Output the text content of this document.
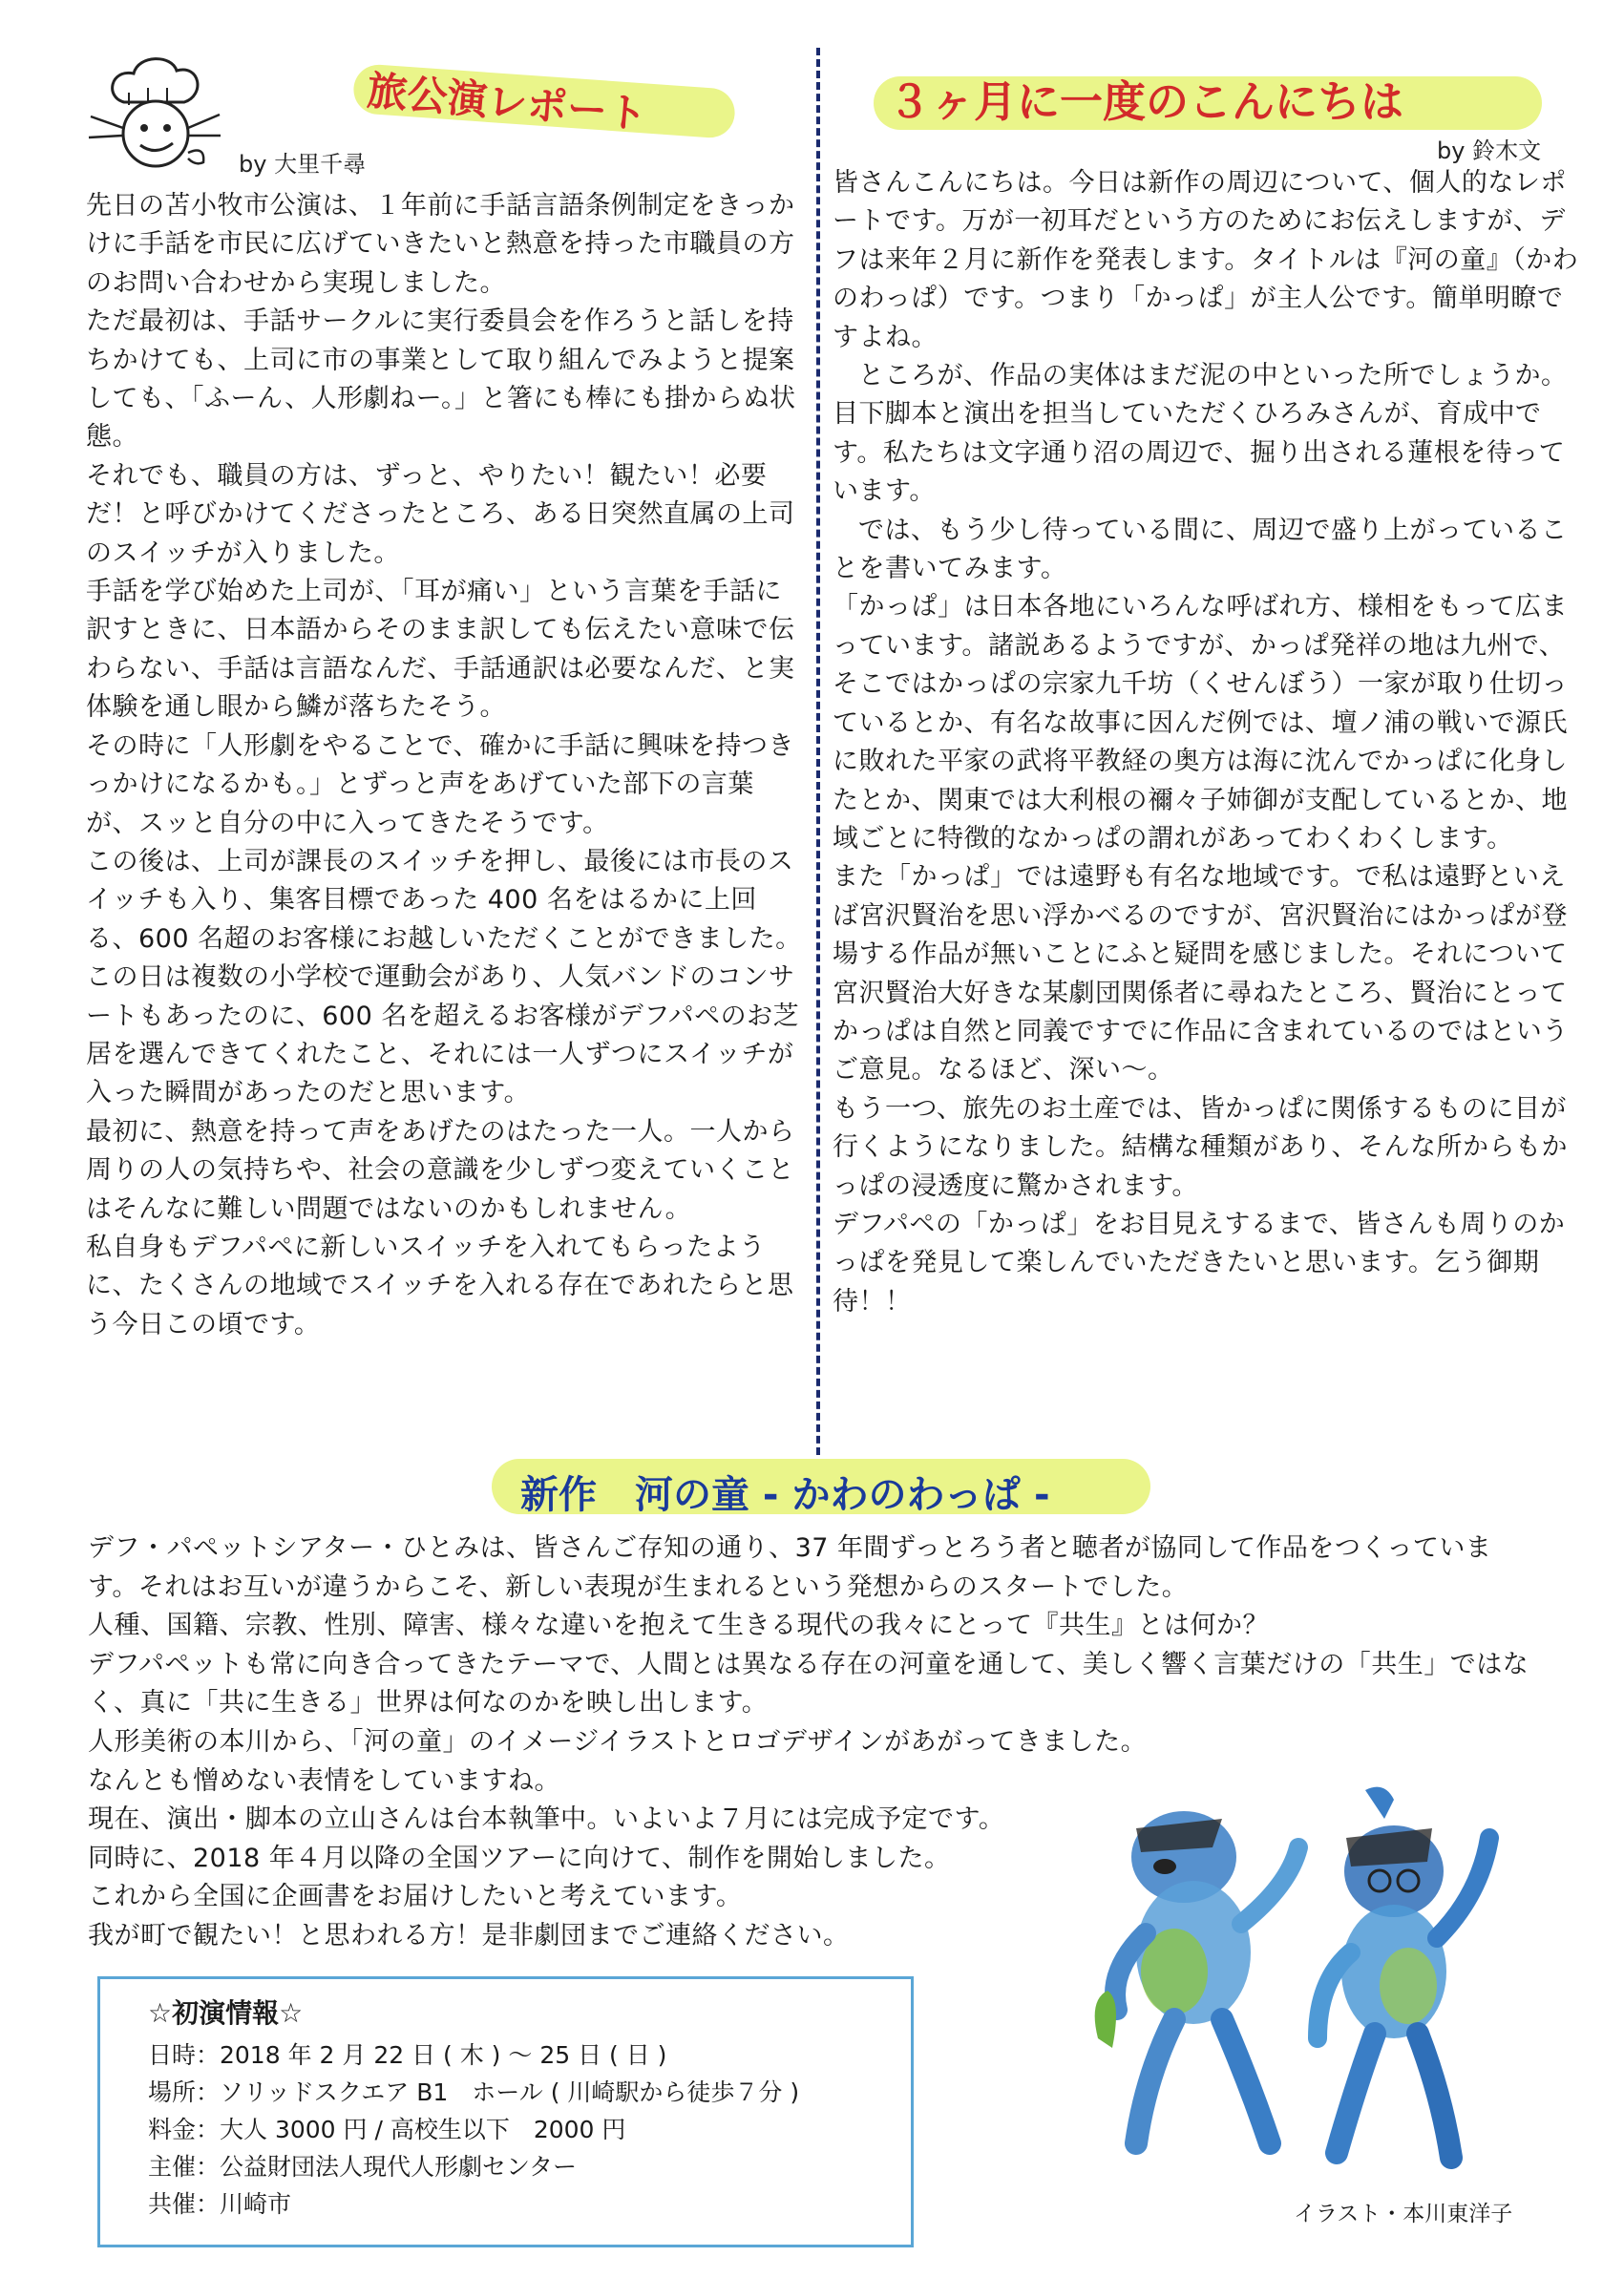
旅公演レポート
by 大里千尋

先日の苫小牧市公演は、１年前に手話言語条例制定をきっかけに手話を市民に広げていきたいと熱意を持った市職員の方のお問い合わせから実現しました。

ただ最初は、手話サークルに実行委員会を作ろうと話しを持ちかけても、上司に市の事業として取り組んでみようと提案しても、「ふーん、人形劇ねー。」と箸にも棒にも掛からぬ状態。

それでも、職員の方は、ずっと、やりたい！観たい！必要だ！と呼びかけてくださったところ、ある日突然直属の上司のスイッチが入りました。

手話を学び始めた上司が、「耳が痛い」という言葉を手話に訳すときに、日本語からそのまま訳しても伝えたい意味で伝わらない、手話は言語なんだ、手話通訳は必要なんだ、と実体験を通し眼から鱗が落ちたそう。

その時に「人形劇をやることで、確かに手話に興味を持つきっかけになるかも。」とずっと声をあげていた部下の言葉が、スッと自分の中に入ってきたそうです。

この後は、上司が課長のスイッチを押し、最後には市長のスイッチも入り、集客目標であった 400 名をはるかに上回る、600 名超のお客様にお越しいただくことができました。この日は複数の小学校で運動会があり、人気バンドのコンサートもあったのに、600 名を超えるお客様がデフパペのお芝居を選んできてくれたこと、それには一人ずつにスイッチが入った瞬間があったのだと思います。

最初に、熱意を持って声をあげたのはたった一人。一人から周りの人の気持ちや、社会の意識を少しずつ変えていくことはそんなに難しい問題ではないのかもしれません。

私自身もデフパペに新しいスイッチを入れてもらったように、たくさんの地域でスイッチを入れる存在であれたらと思う今日この頃です。

３ヶ月に一度のこんにちは
by 鈴木文

皆さんこんにちは。今日は新作の周辺について、個人的なレポートです。万が一初耳だという方のためにお伝えしますが、デフは来年２月に新作を発表します。タイトルは『河の童』（かわのわっぱ）です。つまり「かっぱ」が主人公です。簡単明瞭ですよね。

ところが、作品の実体はまだ泥の中といった所でしょうか。目下脚本と演出を担当していただくひろみさんが、育成中です。私たちは文字通り沼の周辺で、掘り出される蓮根を待っています。

では、もう少し待っている間に、周辺で盛り上がっていることを書いてみます。

「かっぱ」は日本各地にいろんな呼ばれ方、様相をもって広まっています。諸説あるようですが、かっぱ発祥の地は九州で、そこではかっぱの宗家九千坊（くせんぼう）一家が取り仕切っているとか、有名な故事に因んだ例では、壇ノ浦の戦いで源氏に敗れた平家の武将平教経の奥方は海に沈んでかっぱに化身したとか、関東では大利根の禰々子姉御が支配しているとか、地域ごとに特徴的なかっぱの謂れがあってわくわくします。

また「かっぱ」では遠野も有名な地域です。で私は遠野といえば宮沢賢治を思い浮かべるのですが、宮沢賢治にはかっぱが登場する作品が無いことにふと疑問を感じました。それについて宮沢賢治大好きな某劇団関係者に尋ねたところ、賢治にとってかっぱは自然と同義ですでに作品に含まれているのではというご意見。なるほど、深い～。

もう一つ、旅先のお土産では、皆かっぱに関係するものに目が行くようになりました。結構な種類があり、そんな所からもかっぱの浸透度に驚かされます。

デフパペの「かっぱ」をお目見えするまで、皆さんも周りのかっぱを発見して楽しんでいただきたいと思います。乞う御期待！！

新作　河の童 - かわのわっぱ -

デフ・パペットシアター・ひとみは、皆さんご存知の通り、37 年間ずっとろう者と聴者が協同して作品をつくっています。それはお互いが違うからこそ、新しい表現が生まれるという発想からのスタートでした。

人種、国籍、宗教、性別、障害、様々な違いを抱えて生きる現代の我々にとって『共生』とは何か？

デフパペットも常に向き合ってきたテーマで、人間とは異なる存在の河童を通して、美しく響く言葉だけの「共生」ではなく、真に「共に生きる」世界は何なのかを映し出します。

人形美術の本川から、「河の童」のイメージイラストとロゴデザインがあがってきました。

なんとも憎めない表情をしていますね。

現在、演出・脚本の立山さんは台本執筆中。いよいよ７月には完成予定です。

同時に、2018 年４月以降の全国ツアーに向けて、制作を開始しました。

これから全国に企画書をお届けしたいと考えています。

我が町で観たい！と思われる方！是非劇団までご連絡ください。

☆初演情報☆
日時：2018 年 2 月 22 日 ( 木 ) ～ 25 日 ( 日 )
場所：ソリッドスクエア B1　ホール ( 川崎駅から徒歩７分 )
料金：大人 3000 円 / 高校生以下　2000 円
主催：公益財団法人現代人形劇センター
共催：川崎市	イラスト・本川東洋子
